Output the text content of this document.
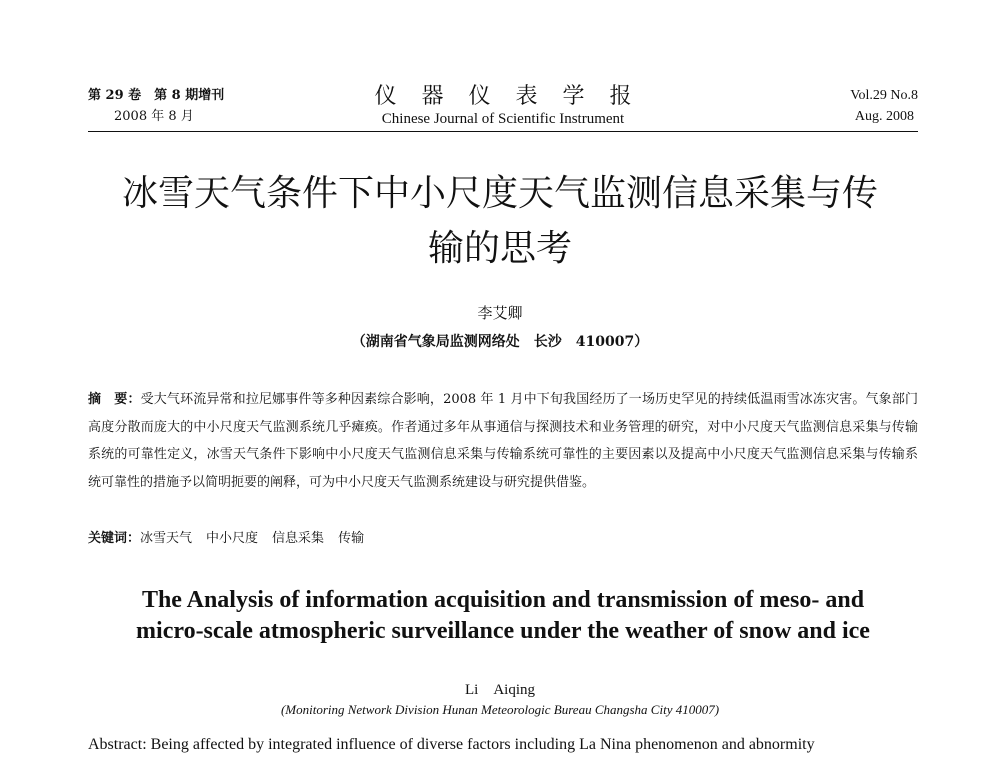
第 29 卷　第 8 期增刊
2008 年 8 月
仪器仪表学报
Chinese Journal of Scientific Instrument
Vol.29 No.8
Aug. 2008
冰雪天气条件下中小尺度天气监测信息采集与传
输的思考
李艾卿
（湖南省气象局监测网络处　长沙　410007）
摘　要：受大气环流异常和拉尼娜事件等多种因素综合影响，2008 年 1 月中下旬我国经历了一场历史罕见的持续低温雨雪冰冻灾害。气象部门高度分散而庞大的中小尺度天气监测系统几乎瘫痪。作者通过多年从事通信与探测技术和业务管理的研究，对中小尺度天气监测信息采集与传输系统的可靠性定义，冰雪天气条件下影响中小尺度天气监测信息采集与传输系统可靠性的主要因素以及提高中小尺度天气监测信息采集与传输系统可靠性的措施予以简明扼要的阐释，可为中小尺度天气监测系统建设与研究提供借鉴。
关键词：冰雪天气 中小尺度 信息采集 传输
The Analysis of information acquisition and transmission of meso- and
micro-scale atmospheric surveillance under the weather of snow and ice
Li　Aiqing
(Monitoring Network Division Hunan Meteorologic Bureau Changsha City 410007)
Abstract: Being affected by integrated influence of diverse factors including La Nina phenomenon and abnormity
